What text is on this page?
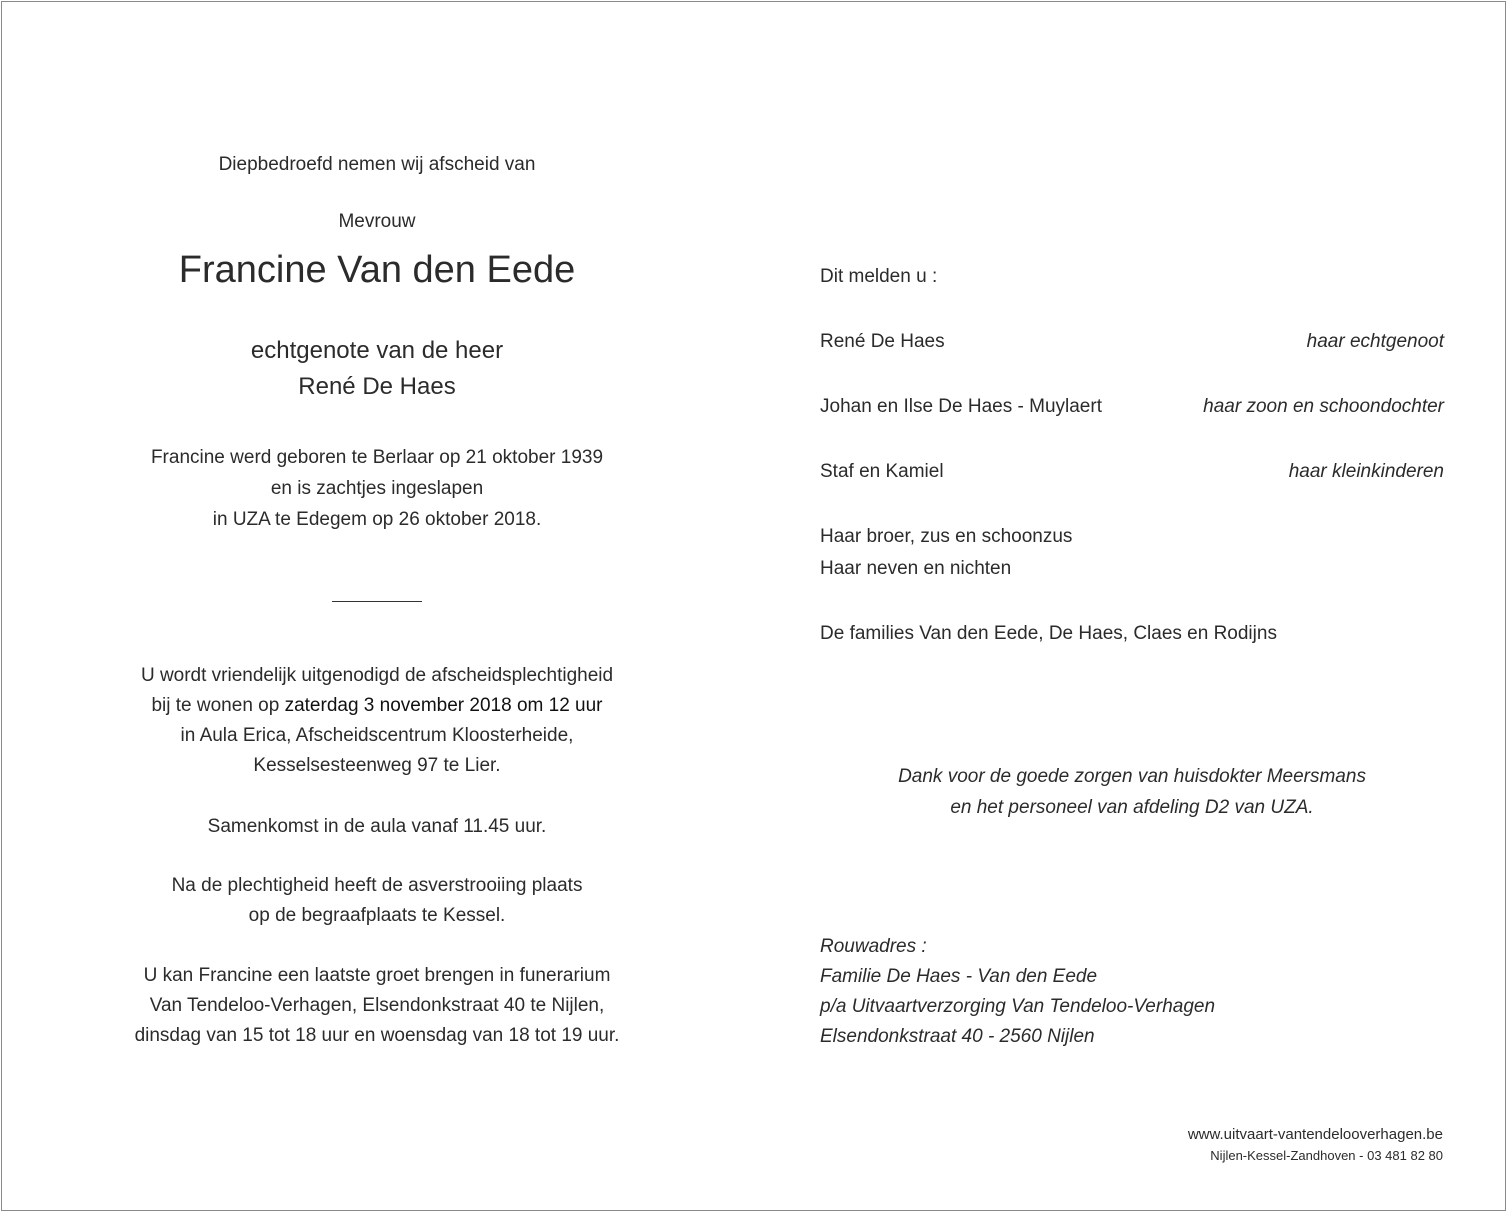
Diepbedroefd nemen wij afscheid van
Mevrouw
Francine Van den Eede
echtgenote van de heer
René De Haes
Francine werd geboren te Berlaar op 21 oktober 1939
en is zachtjes ingeslapen
in UZA te Edegem op 26 oktober 2018.
U wordt vriendelijk uitgenodigd de afscheidsplechtigheid
bij te wonen op zaterdag 3 november 2018 om 12 uur
in Aula Erica, Afscheidscentrum Kloosterheide,
Kesselsesteenweg 97 te Lier.
Samenkomst in de aula vanaf 11.45 uur.
Na de plechtigheid heeft de asverstrooiing plaats
op de begraafplaats te Kessel.
U kan Francine een laatste groet brengen in funerarium
Van Tendeloo-Verhagen, Elsendonkstraat 40 te Nijlen,
dinsdag van 15 tot 18 uur en woensdag van 18 tot 19 uur.
Dit melden u :
René De Haes	haar echtgenoot
Johan en Ilse De Haes - Muylaert	haar zoon en schoondochter
Staf en Kamiel	haar kleinkinderen
Haar broer, zus en schoonzus
Haar neven en nichten
De families Van den Eede, De Haes, Claes en Rodijns
Dank voor de goede zorgen van huisdokter Meersmans
en het personeel van afdeling D2 van UZA.
Rouwadres :
Familie De Haes - Van den Eede
p/a Uitvaartverzorging Van Tendeloo-Verhagen
Elsendonkstraat 40 - 2560 Nijlen
www.uitvaart-vantendelooverhagen.be
Nijlen-Kessel-Zandhoven - 03 481 82 80
